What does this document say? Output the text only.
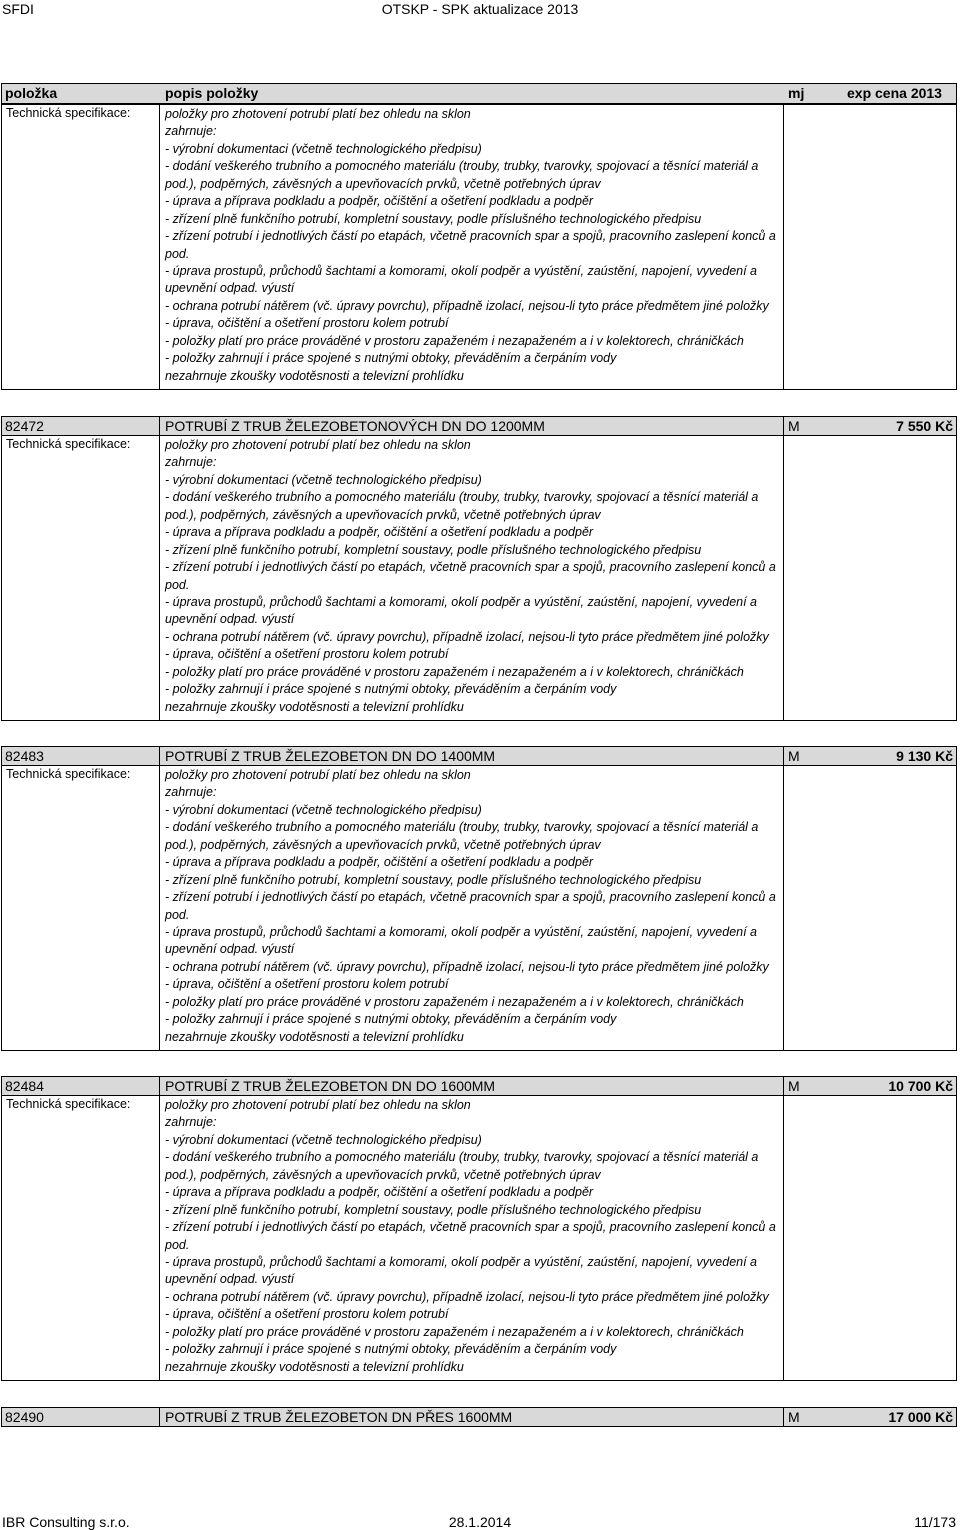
SFDI	OTSKP - SPK aktualizace 2013
položka	popis položky	mj	exp cena 2013
Technická specifikace:	položky pro zhotovení potrubí platí bez ohledu na sklon
zahrnuje:
- výrobní dokumentaci (včetně technologického předpisu)
- dodání veškerého trubního a pomocného materiálu (trouby, trubky, tvarovky, spojovací a těsnící materiál a
pod.), podpěrných, závěsných a upevňovacích prvků, včetně potřebných úprav
- úprava a příprava podkladu a podpěr, očištění a ošetření podkladu a podpěr
- zřízení plně funkčního potrubí, kompletní soustavy, podle příslušného technologického předpisu
- zřízení potrubí i jednotlivých částí po etapách, včetně pracovních spar a spojů, pracovního zaslepení konců a
pod.
- úprava prostupů, průchodů šachtami a komorami, okolí podpěr a vyústění, zaústění, napojení, vyvedení a
upevnění odpad. výustí
- ochrana potrubí nátěrem (vč. úpravy povrchu), případně izolací, nejsou-li tyto práce předmětem jiné položky
- úprava, očištění a ošetření prostoru kolem potrubí
- položky platí pro práce prováděné v prostoru zapaženém i nezapaženém a i v kolektorech, chráničkách
- položky zahrnují i práce spojené s nutnými obtoky, převáděním a čerpáním vody
nezahrnuje zkoušky vodotěsnosti a televizní prohlídku
82472	POTRUBÍ Z TRUB ŽELEZOBETONOVÝCH DN DO 1200MM	M	7 550 Kč
Technická specifikace:	položky pro zhotovení potrubí platí bez ohledu na sklon
zahrnuje:
- výrobní dokumentaci (včetně technologického předpisu)
- dodání veškerého trubního a pomocného materiálu (trouby, trubky, tvarovky, spojovací a těsnící materiál a
pod.), podpěrných, závěsných a upevňovacích prvků, včetně potřebných úprav
- úprava a příprava podkladu a podpěr, očištění a ošetření podkladu a podpěr
- zřízení plně funkčního potrubí, kompletní soustavy, podle příslušného technologického předpisu
- zřízení potrubí i jednotlivých částí po etapách, včetně pracovních spar a spojů, pracovního zaslepení konců a
pod.
- úprava prostupů, průchodů šachtami a komorami, okolí podpěr a vyústění, zaústění, napojení, vyvedení a
upevnění odpad. výustí
- ochrana potrubí nátěrem (vč. úpravy povrchu), případně izolací, nejsou-li tyto práce předmětem jiné položky
- úprava, očištění a ošetření prostoru kolem potrubí
- položky platí pro práce prováděné v prostoru zapaženém i nezapaženém a i v kolektorech, chráničkách
- položky zahrnují i práce spojené s nutnými obtoky, převáděním a čerpáním vody
nezahrnuje zkoušky vodotěsnosti a televizní prohlídku
82483	POTRUBÍ Z TRUB ŽELEZOBETON DN DO 1400MM	M	9 130 Kč
Technická specifikace:	položky pro zhotovení potrubí platí bez ohledu na sklon
zahrnuje:
- výrobní dokumentaci (včetně technologického předpisu)
- dodání veškerého trubního a pomocného materiálu (trouby, trubky, tvarovky, spojovací a těsnící materiál a
pod.), podpěrných, závěsných a upevňovacích prvků, včetně potřebných úprav
- úprava a příprava podkladu a podpěr, očištění a ošetření podkladu a podpěr
- zřízení plně funkčního potrubí, kompletní soustavy, podle příslušného technologického předpisu
- zřízení potrubí i jednotlivých částí po etapách, včetně pracovních spar a spojů, pracovního zaslepení konců a
pod.
- úprava prostupů, průchodů šachtami a komorami, okolí podpěr a vyústění, zaústění, napojení, vyvedení a
upevnění odpad. výustí
- ochrana potrubí nátěrem (vč. úpravy povrchu), případně izolací, nejsou-li tyto práce předmětem jiné položky
- úprava, očištění a ošetření prostoru kolem potrubí
- položky platí pro práce prováděné v prostoru zapaženém i nezapaženém a i v kolektorech, chráničkách
- položky zahrnují i práce spojené s nutnými obtoky, převáděním a čerpáním vody
nezahrnuje zkoušky vodotěsnosti a televizní prohlídku
82484	POTRUBÍ Z TRUB ŽELEZOBETON DN DO 1600MM	M	10 700 Kč
Technická specifikace:	položky pro zhotovení potrubí platí bez ohledu na sklon
zahrnuje:
- výrobní dokumentaci (včetně technologického předpisu)
- dodání veškerého trubního a pomocného materiálu (trouby, trubky, tvarovky, spojovací a těsnící materiál a
pod.), podpěrných, závěsných a upevňovacích prvků, včetně potřebných úprav
- úprava a příprava podkladu a podpěr, očištění a ošetření podkladu a podpěr
- zřízení plně funkčního potrubí, kompletní soustavy, podle příslušného technologického předpisu
- zřízení potrubí i jednotlivých částí po etapách, včetně pracovních spar a spojů, pracovního zaslepení konců a
pod.
- úprava prostupů, průchodů šachtami a komorami, okolí podpěr a vyústění, zaústění, napojení, vyvedení a
upevnění odpad. výustí
- ochrana potrubí nátěrem (vč. úpravy povrchu), případně izolací, nejsou-li tyto práce předmětem jiné položky
- úprava, očištění a ošetření prostoru kolem potrubí
- položky platí pro práce prováděné v prostoru zapaženém i nezapaženém a i v kolektorech, chráničkách
- položky zahrnují i práce spojené s nutnými obtoky, převáděním a čerpáním vody
nezahrnuje zkoušky vodotěsnosti a televizní prohlídku
82490	POTRUBÍ Z TRUB ŽELEZOBETON DN PŘES 1600MM	M	17 000 Kč
IBR Consulting s.r.o.	28.1.2014	11/173
